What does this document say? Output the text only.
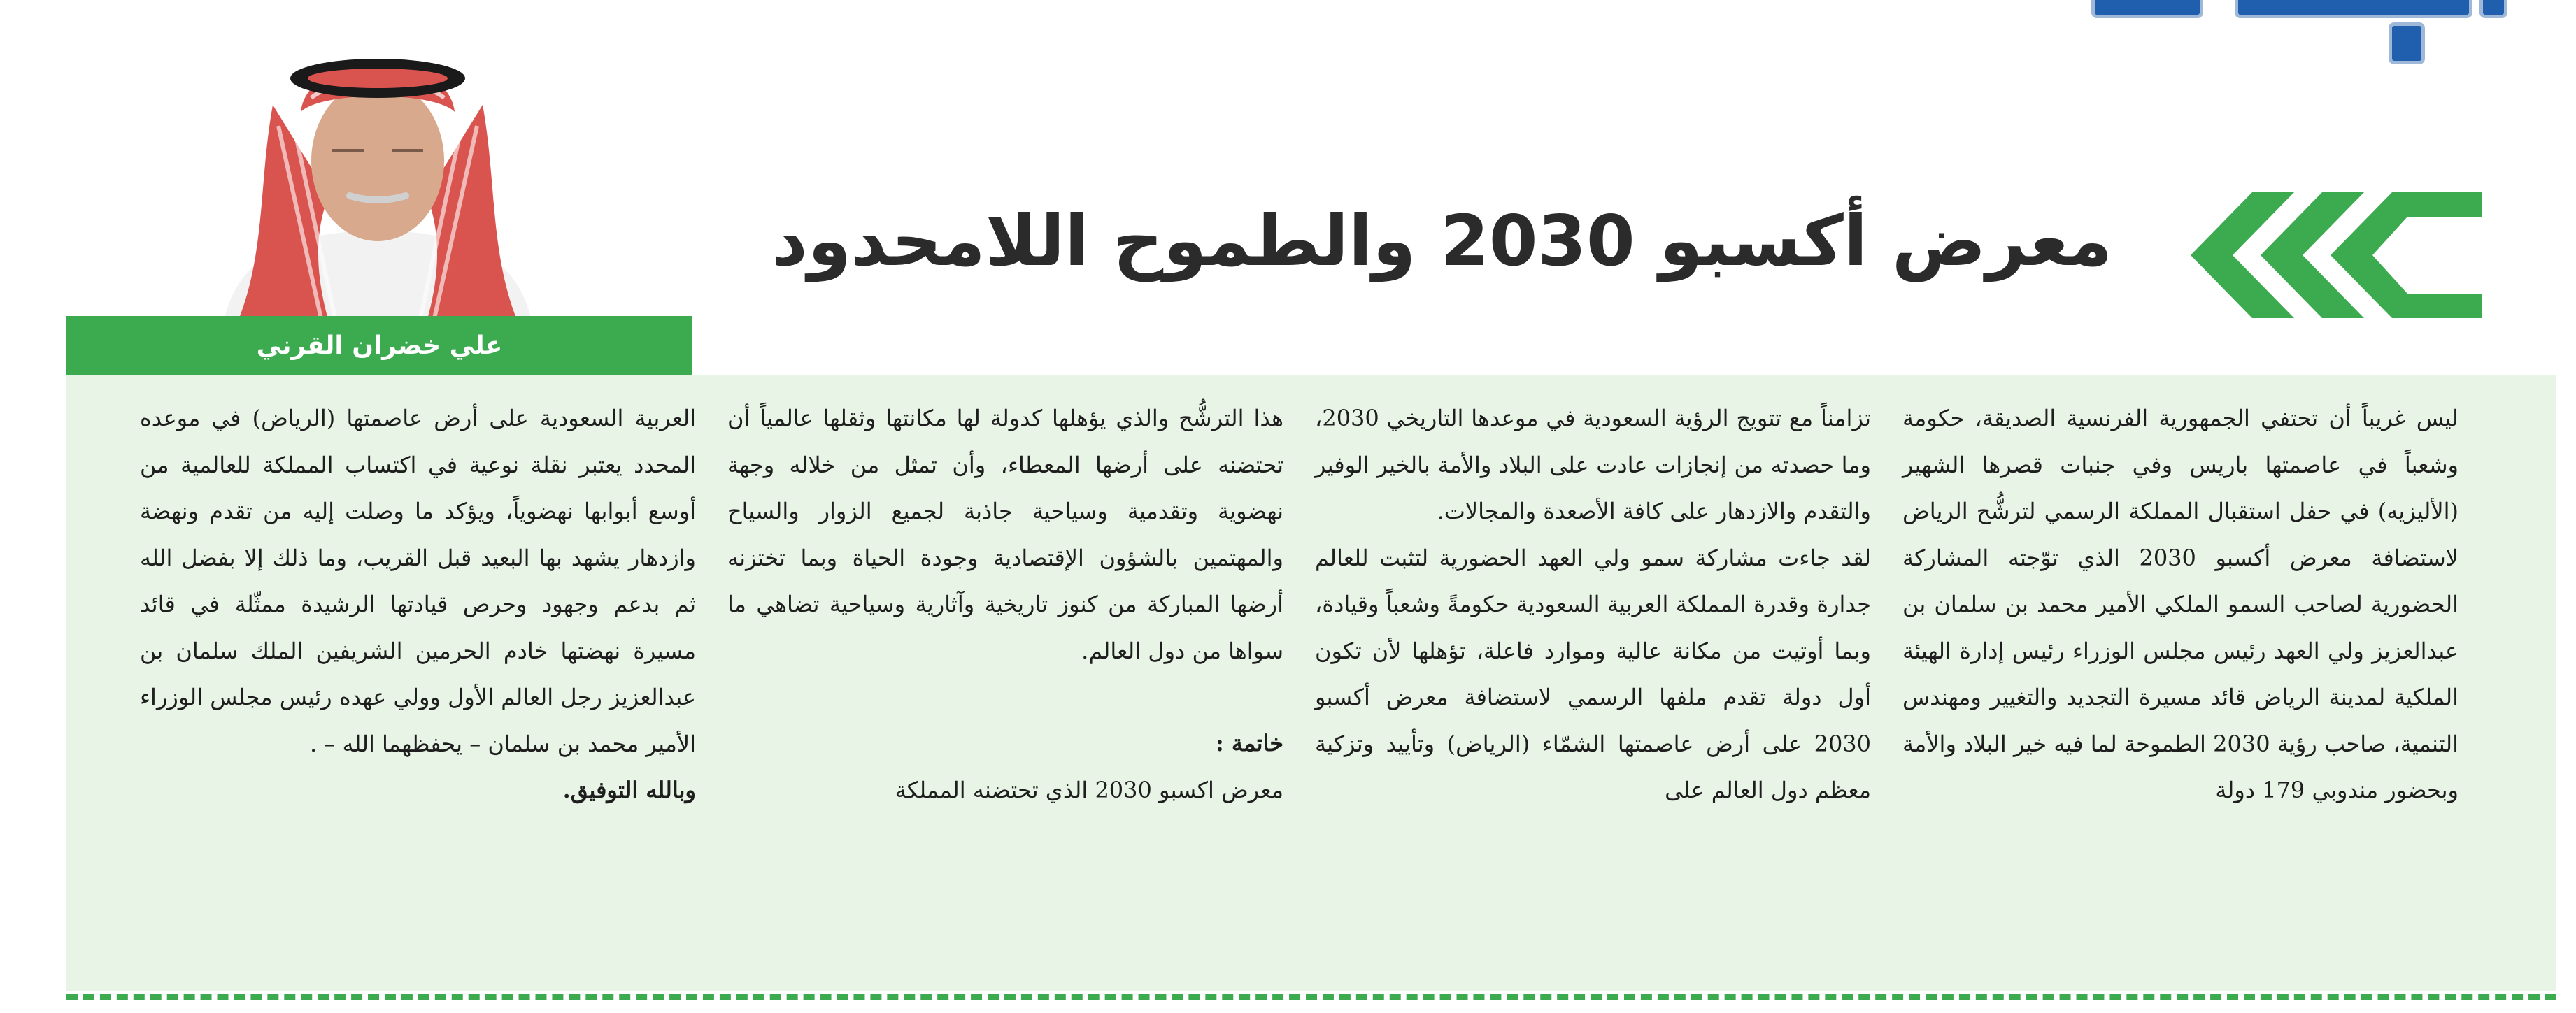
معرض أكسبو 2030 والطموح اللامحدود
علي خضران القرني

ليس غريباً أن تحتفي الجمهورية الفرنسية الصديقة، حكومة وشعباً في عاصمتها باريس وفي جنبات قصرها الشهير (الأليزيه) في حفل استقبال المملكة الرسمي لترشُّح الرياض لاستضافة معرض أكسبو 2030 الذي توّجته المشاركة الحضورية لصاحب السمو الملكي الأمير محمد بن سلمان بن عبدالعزيز ولي العهد رئيس مجلس الوزراء رئيس إدارة الهيئة الملكية لمدينة الرياض قائد مسيرة التجديد والتغيير ومهندس التنمية، صاحب رؤية 2030 الطموحة لما فيه خير البلاد والأمة وبحضور مندوبي 179 دولة

تزامناً مع تتويج الرؤية السعودية في موعدها التاريخي 2030، وما حصدته من إنجازات عادت على البلاد والأمة بالخير الوفير والتقدم والازدهار على كافة الأصعدة والمجالات.

لقد جاءت مشاركة سمو ولي العهد الحضورية لتثبت للعالم جدارة وقدرة المملكة العربية السعودية حكومةً وشعباً وقيادة، وبما أوتيت من مكانة عالية وموارد فاعلة، تؤهلها لأن تكون أول دولة تقدم ملفها الرسمي لاستضافة معرض أكسبو 2030 على أرض عاصمتها الشمّاء (الرياض) وتأييد وتزكية معظم دول العالم على

هذا الترشُّح والذي يؤهلها كدولة لها مكانتها وثقلها عالمياً أن تحتضنه على أرضها المعطاء، وأن تمثل من خلاله وجهة نهضوية وتقدمية وسياحية جاذبة لجميع الزوار والسياح والمهتمين بالشؤون الإقتصادية وجودة الحياة وبما تختزنه أرضها المباركة من كنوز تاريخية وآثارية وسياحية تضاهي ما سواها من دول العالم.

خاتمة :

معرض اكسبو 2030 الذي تحتضنه المملكة

العربية السعودية على أرض عاصمتها (الرياض) في موعده المحدد يعتبر نقلة نوعية في اكتساب المملكة للعالمية من أوسع أبوابها نهضوياً، ويؤكد ما وصلت إليه من تقدم ونهضة وازدهار يشهد بها البعيد قبل القريب، وما ذلك إلا بفضل الله ثم بدعم وجهود وحرص قيادتها الرشيدة ممثّلة في قائد مسيرة نهضتها خادم الحرمين الشريفين الملك سلمان بن عبدالعزيز رجل العالم الأول وولي عهده رئيس مجلس الوزراء الأمير محمد بن سلمان – يحفظهما الله – .

وبالله التوفيق.
